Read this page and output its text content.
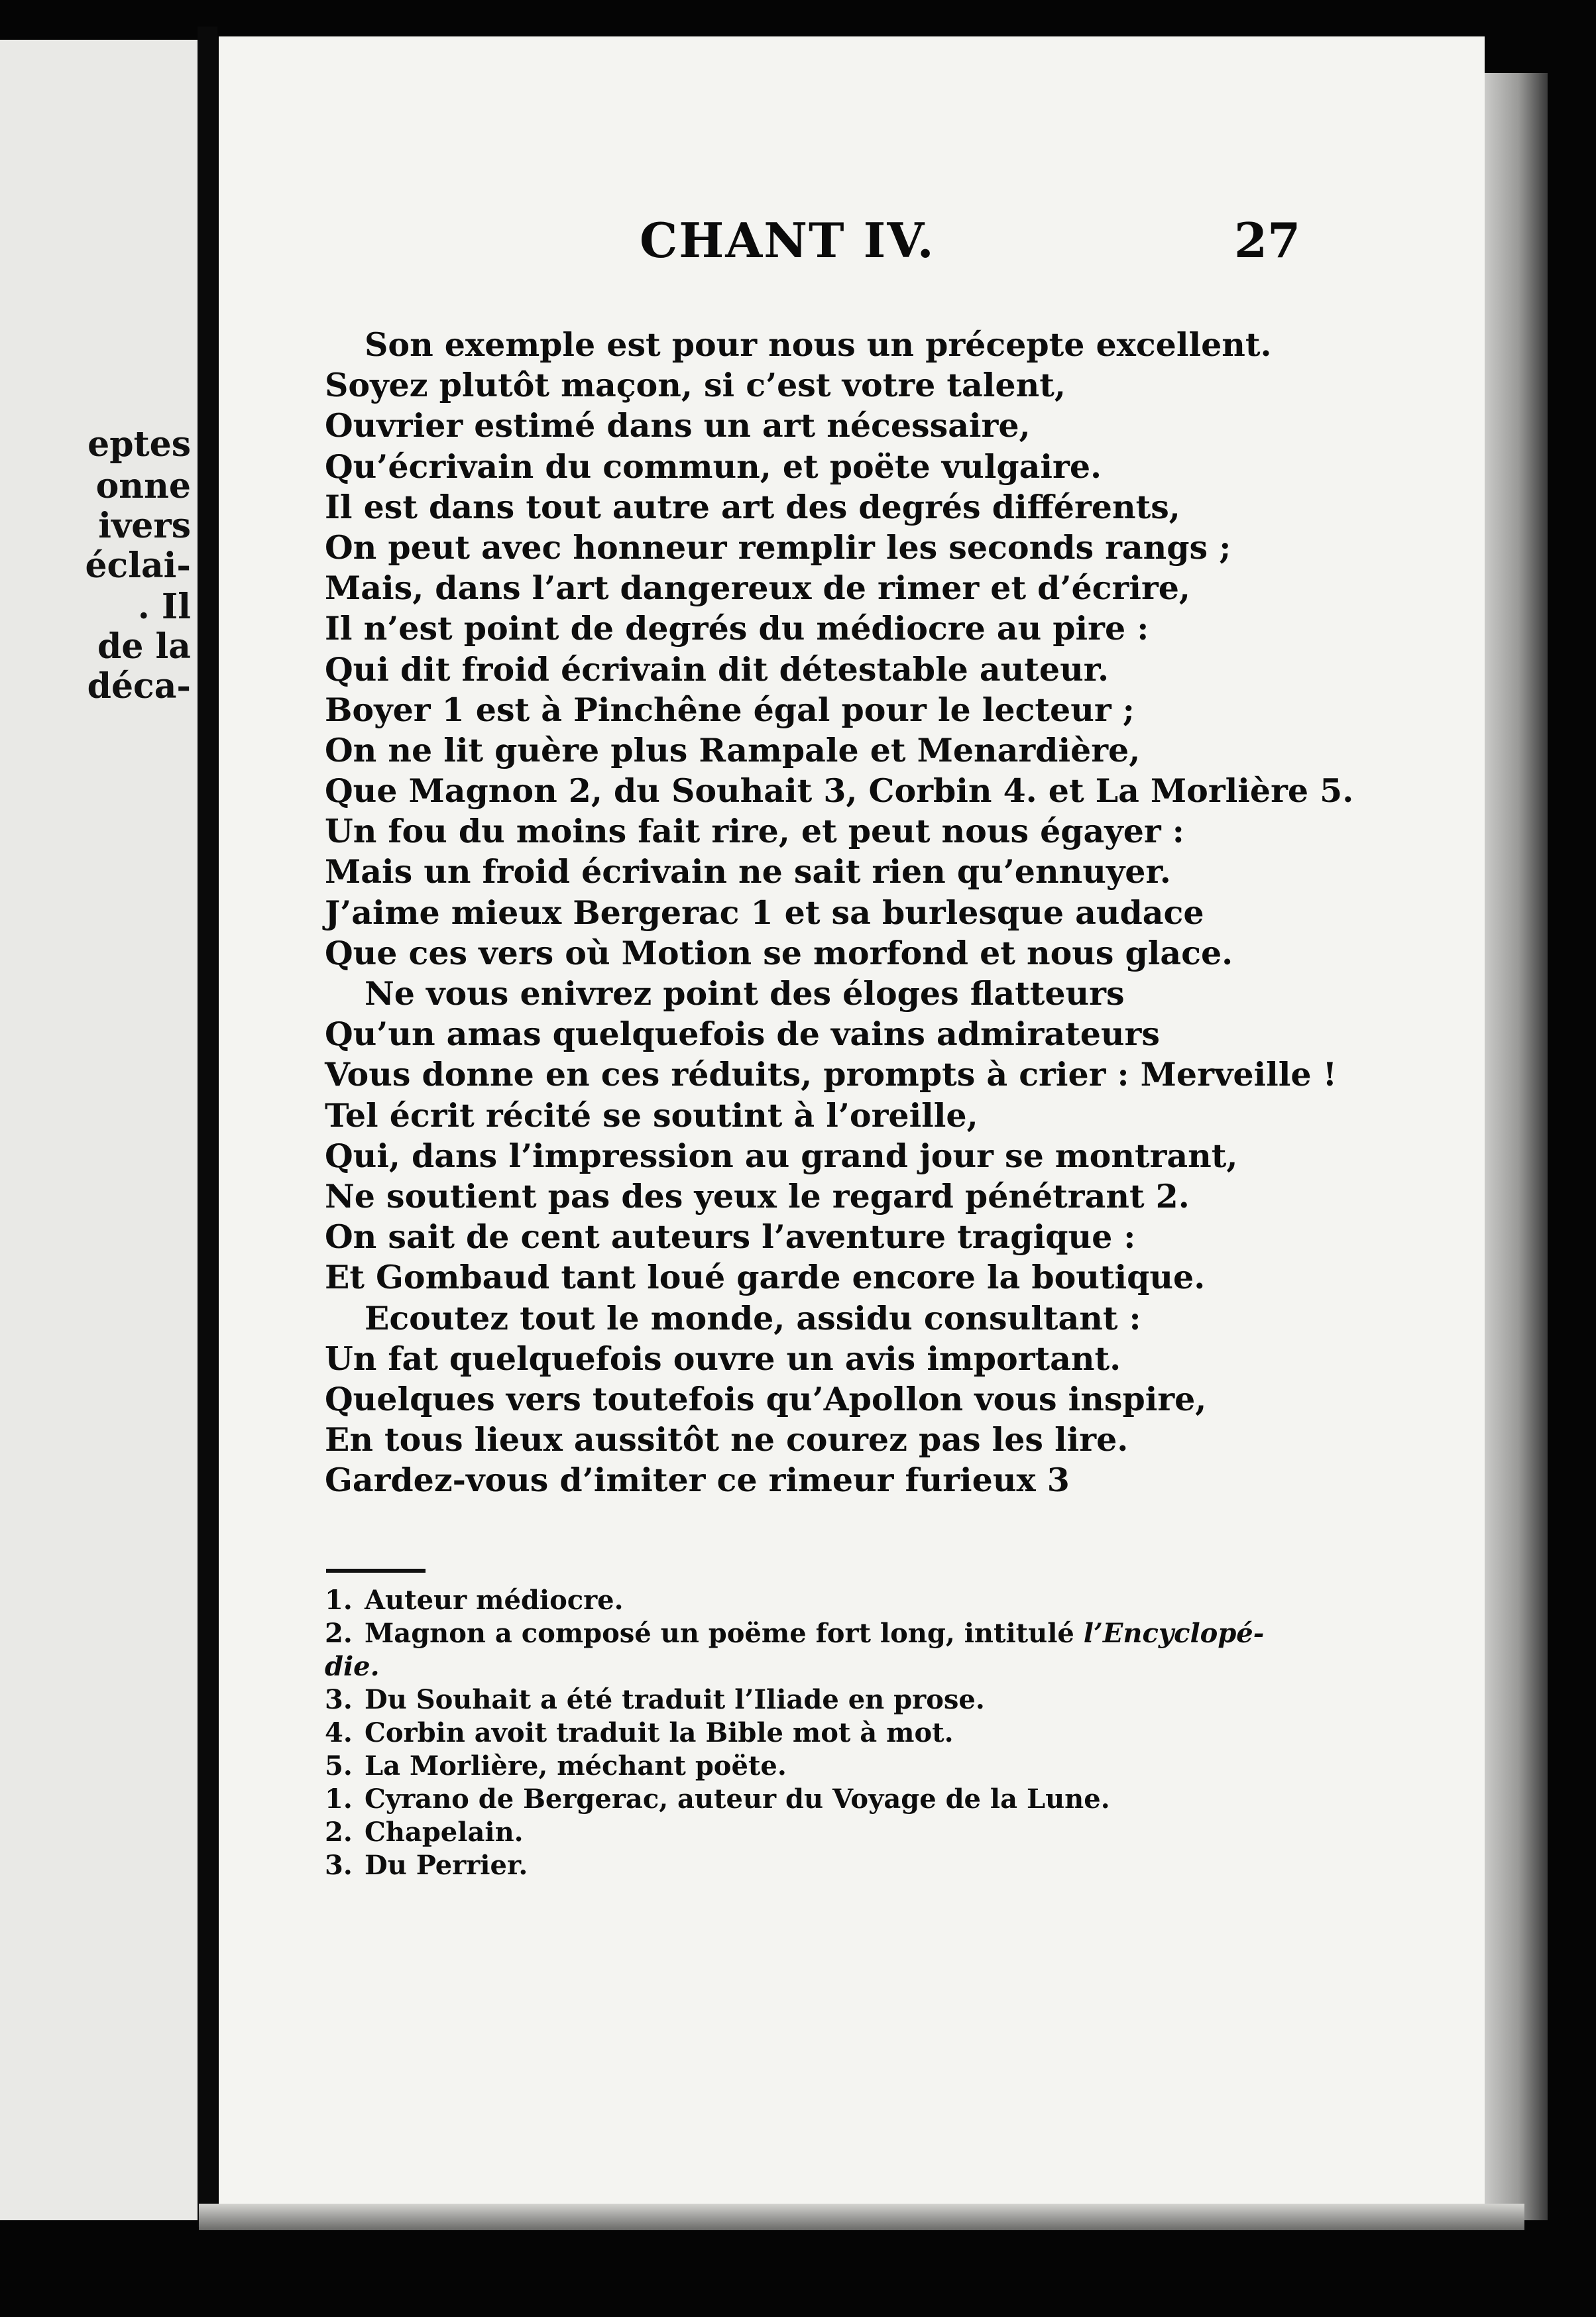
eptes
onne
ivers
éclai-
. Il
de la
déca-
CHANT IV.	27
Son exemple est pour nous un précepte excellent.
Soyez plutôt maçon, si c’est votre talent,
Ouvrier estimé dans un art nécessaire,
Qu’écrivain du commun, et poëte vulgaire.
Il est dans tout autre art des degrés différents,
On peut avec honneur remplir les seconds rangs ;
Mais, dans l’art dangereux de rimer et d’écrire,
Il n’est point de degrés du médiocre au pire :
Qui dit froid écrivain dit détestable auteur.
Boyer 1 est à Pinchêne égal pour le lecteur ;
On ne lit guère plus Rampale et Menardière,
Que Magnon 2, du Souhait 3, Corbin 4. et La Morlière 5.
Un fou du moins fait rire, et peut nous égayer :
Mais un froid écrivain ne sait rien qu’ennuyer.
J’aime mieux Bergerac 1 et sa burlesque audace
Que ces vers où Motion se morfond et nous glace.
Ne vous enivrez point des éloges flatteurs
Qu’un amas quelquefois de vains admirateurs
Vous donne en ces réduits, prompts à crier : Merveille !
Tel écrit récité se soutint à l’oreille,
Qui, dans l’impression au grand jour se montrant,
Ne soutient pas des yeux le regard pénétrant 2.
On sait de cent auteurs l’aventure tragique :
Et Gombaud tant loué garde encore la boutique.
Ecoutez tout le monde, assidu consultant :
Un fat quelquefois ouvre un avis important.
Quelques vers toutefois qu’Apollon vous inspire,
En tous lieux aussitôt ne courez pas les lire.
Gardez-vous d’imiter ce rimeur furieux 3
1. Auteur médiocre.
2. Magnon a composé un poëme fort long, intitulé l’Encyclopé-
die.
3. Du Souhait a été traduit l’Iliade en prose.
4. Corbin avoit traduit la Bible mot à mot.
5. La Morlière, méchant poëte.
1. Cyrano de Bergerac, auteur du Voyage de la Lune.
2. Chapelain.
3. Du Perrier.
